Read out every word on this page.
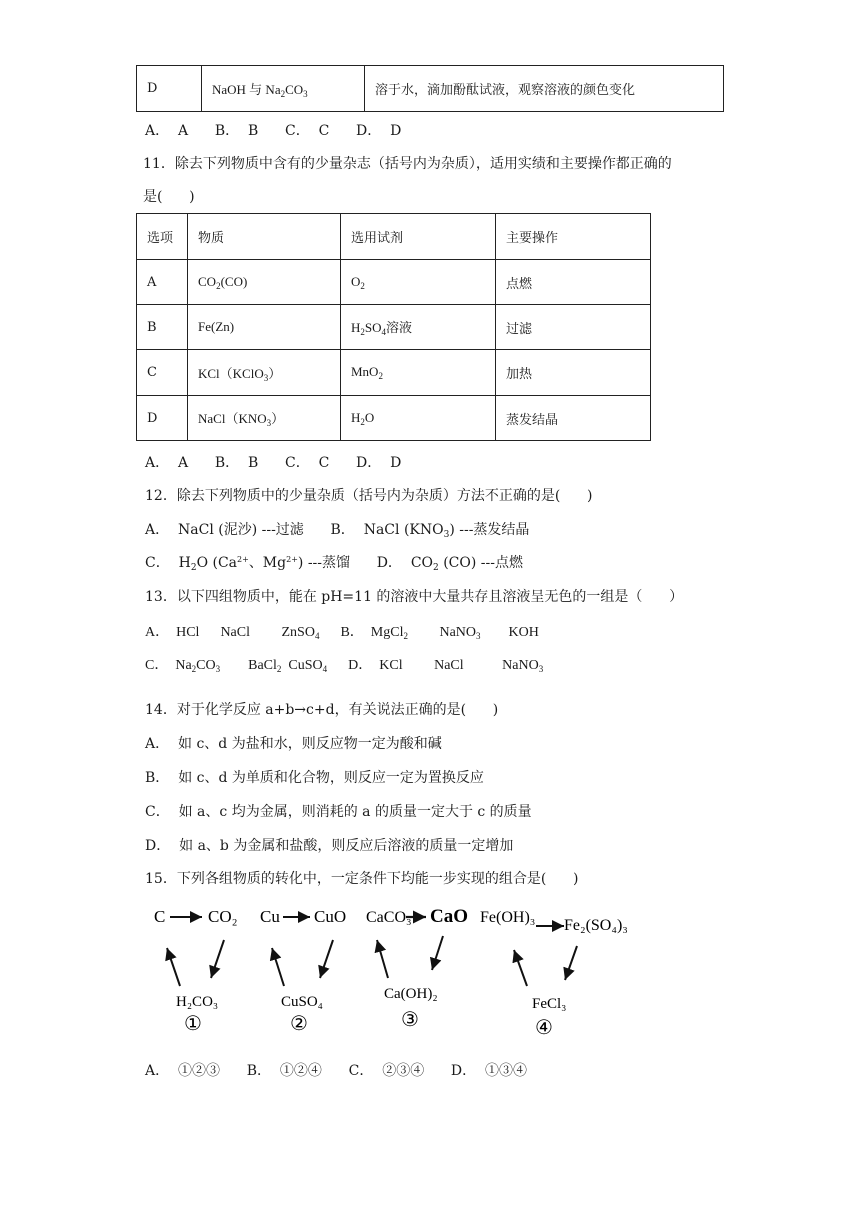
D	NaOH 与 $Na_2CO_3$	溶于水，滴加酚酞试液，观察溶液的颜色变化
A．  A      B．  B      C．  C      D．  D
11．除去下列物质中含有的少量杂志（括号内为杂质），适用实绩和主要操作都正确的
是(      )
选项	物质	选用试剂	主要操作
A	$CO_2(CO)$	$O_2$	点燃
B	Fe(Zn)	$H_2SO_4$溶液	过滤
C	KCl（KClO$_3$）	MnO$_2$	加热
D	$NaCl(KNO_3)$	$H_2O$	蒸发结晶
A．  A      B．  B      C．  C      D．  D
12．除去下列物质中的少量杂质（括号内为杂质）方法不正确的是(      )
A．  NaCl (泥沙) ---过滤      B．  NaCl $(KNO_3)$ ---蒸发结晶
C．  $H_2O$ ($Ca^{2+}$、$Mg^{2+}$) ---蒸馏      D．  $CO_2$ (CO) ---点燃
13．以下四组物质中，能在 pH=11 的溶液中大量共存且溶液呈无色的一组是（      ）
A．  HCl      NaCl         ZnSO$_4$      B．  MgCl$_2$         NaNO$_3$        KOH
C．  $Na_2CO_3$        BaCl$_2$  CuSO$_4$      D．  KCl         NaCl           NaNO$_3$
14．对于化学反应 a+b→c+d，有关说法正确的是(      )
A．  如 c、d 为盐和水，则反应物一定为酸和碱
B．  如 c、d 为单质和化合物，则反应一定为置换反应
C．  如 a、c 均为金属，则消耗的 a 的质量一定大于 c 的质量
D．  如 a、b 为金属和盐酸，则反应后溶液的质量一定增加
15．下列各组物质的转化中，一定条件下均能一步实现的组合是(      )
C	CO₂
H₂CO₃
①
Cu CuO
CuSO₄
②
CaCO₃ CaO
Ca(OH)₂
③
Fe(OH)₃ Fe₂(SO₄)₃
FeCl₃
④
A．  ①②③      B．  ①②④      C．  ②③④      D．  ①③④
